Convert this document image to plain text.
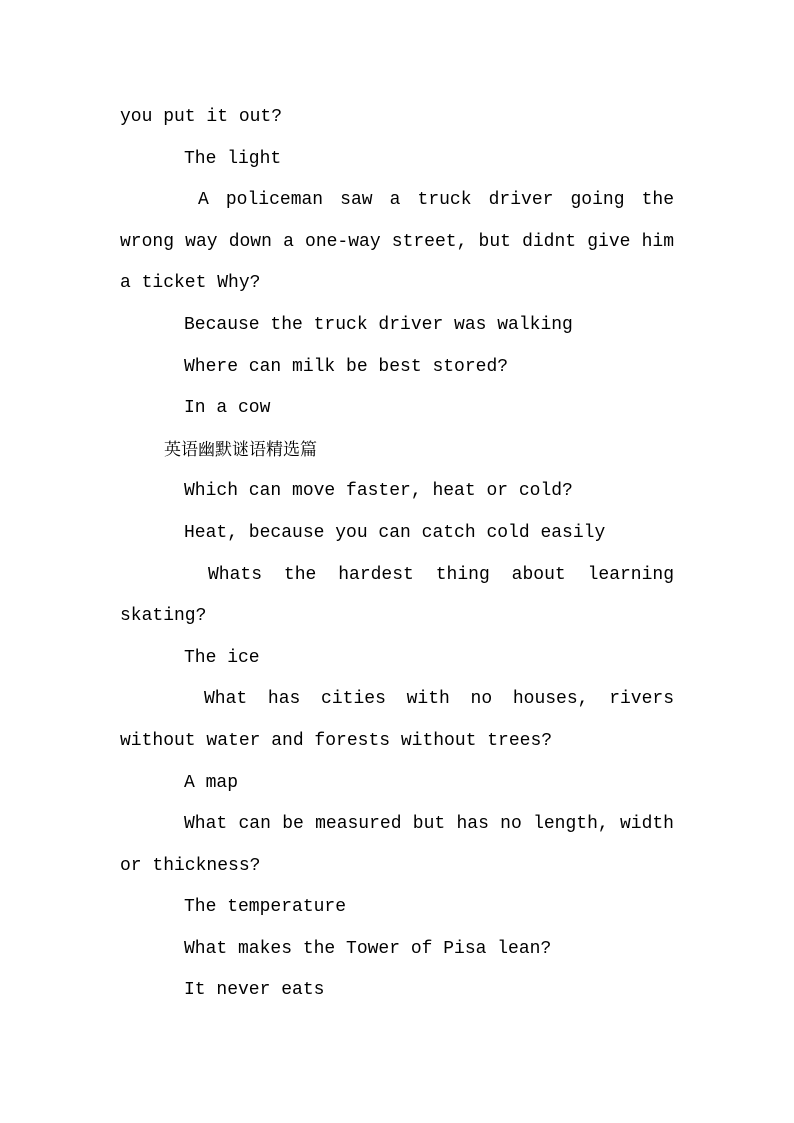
you put it out?
The light
A policeman saw a truck driver going the
wrong way down a one-way street, but didnt give him
a ticket Why?
Because the truck driver was walking
Where can milk be best stored?
In a cow
英语幽默谜语精选篇
Which can move faster, heat or cold?
Heat, because you can catch cold easily
Whats the hardest thing about learning
skating?
The ice
What has cities with no houses, rivers
without water and forests without trees?
A map
What can be measured but has no length, width
or thickness?
The temperature
What makes the Tower of Pisa lean?
It never eats
